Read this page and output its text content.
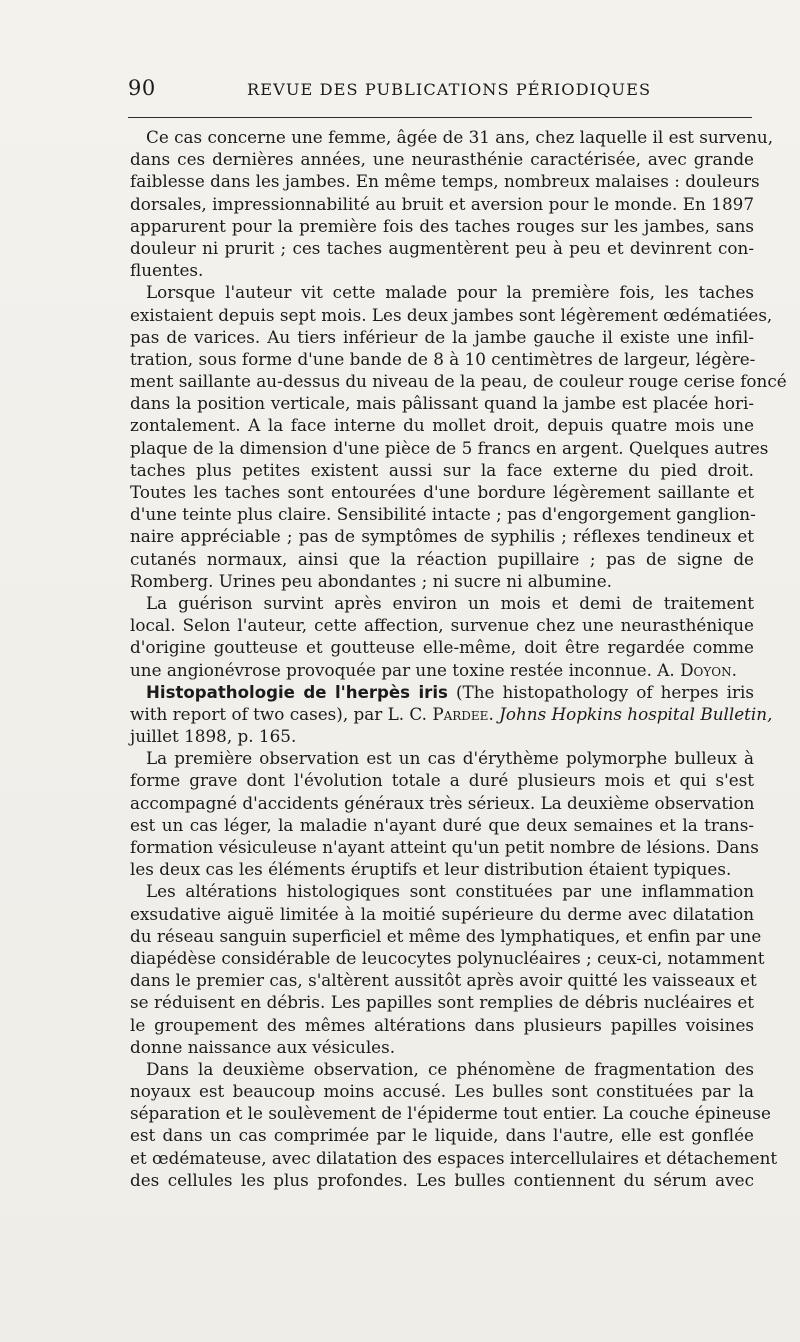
90	REVUE DES PUBLICATIONS PÉRIODIQUES
Ce cas concerne une femme, âgée de 31 ans, chez laquelle il est survenu,
dans ces dernières années, une neurasthénie caractérisée, avec grande
faiblesse dans les jambes. En même temps, nombreux malaises : douleurs
dorsales, impressionnabilité au bruit et aversion pour le monde. En 1897
apparurent pour la première fois des taches rouges sur les jambes, sans
douleur ni prurit ; ces taches augmentèrent peu à peu et devinrent con-
fluentes.
Lorsque l'auteur vit cette malade pour la première fois, les taches
existaient depuis sept mois. Les deux jambes sont légèrement œdématiées,
pas de varices. Au tiers inférieur de la jambe gauche il existe une infil-
tration, sous forme d'une bande de 8 à 10 centimètres de largeur, légère-
ment saillante au-dessus du niveau de la peau, de couleur rouge cerise foncé
dans la position verticale, mais pâlissant quand la jambe est placée hori-
zontalement. A la face interne du mollet droit, depuis quatre mois une
plaque de la dimension d'une pièce de 5 francs en argent. Quelques autres
taches plus petites existent aussi sur la face externe du pied droit.
Toutes les taches sont entourées d'une bordure légèrement saillante et
d'une teinte plus claire. Sensibilité intacte ; pas d'engorgement ganglion-
naire appréciable ; pas de symptômes de syphilis ; réflexes tendineux et
cutanés normaux, ainsi que la réaction pupillaire ; pas de signe de
Romberg. Urines peu abondantes ; ni sucre ni albumine.
La guérison survint après environ un mois et demi de traitement
local. Selon l'auteur, cette affection, survenue chez une neurasthénique
d'origine goutteuse et goutteuse elle-même, doit être regardée comme
une angionévrose provoquée par une toxine restée inconnue. A. Doyon.
Histopathologie de l'herpès iris (The histopathology of herpes iris
with report of two cases), par L. C. Pardee. Johns Hopkins hospital Bulletin,
juillet 1898, p. 165.
La première observation est un cas d'érythème polymorphe bulleux à
forme grave dont l'évolution totale a duré plusieurs mois et qui s'est
accompagné d'accidents généraux très sérieux. La deuxième observation
est un cas léger, la maladie n'ayant duré que deux semaines et la trans-
formation vésiculeuse n'ayant atteint qu'un petit nombre de lésions. Dans
les deux cas les éléments éruptifs et leur distribution étaient typiques.
Les altérations histologiques sont constituées par une inflammation
exsudative aiguë limitée à la moitié supérieure du derme avec dilatation
du réseau sanguin superficiel et même des lymphatiques, et enfin par une
diapédèse considérable de leucocytes polynucléaires ; ceux-ci, notamment
dans le premier cas, s'altèrent aussitôt après avoir quitté les vaisseaux et
se réduisent en débris. Les papilles sont remplies de débris nucléaires et
le groupement des mêmes altérations dans plusieurs papilles voisines
donne naissance aux vésicules.
Dans la deuxième observation, ce phénomène de fragmentation des
noyaux est beaucoup moins accusé. Les bulles sont constituées par la
séparation et le soulèvement de l'épiderme tout entier. La couche épineuse
est dans un cas comprimée par le liquide, dans l'autre, elle est gonflée
et œdémateuse, avec dilatation des espaces intercellulaires et détachement
des cellules les plus profondes. Les bulles contiennent du sérum avec
